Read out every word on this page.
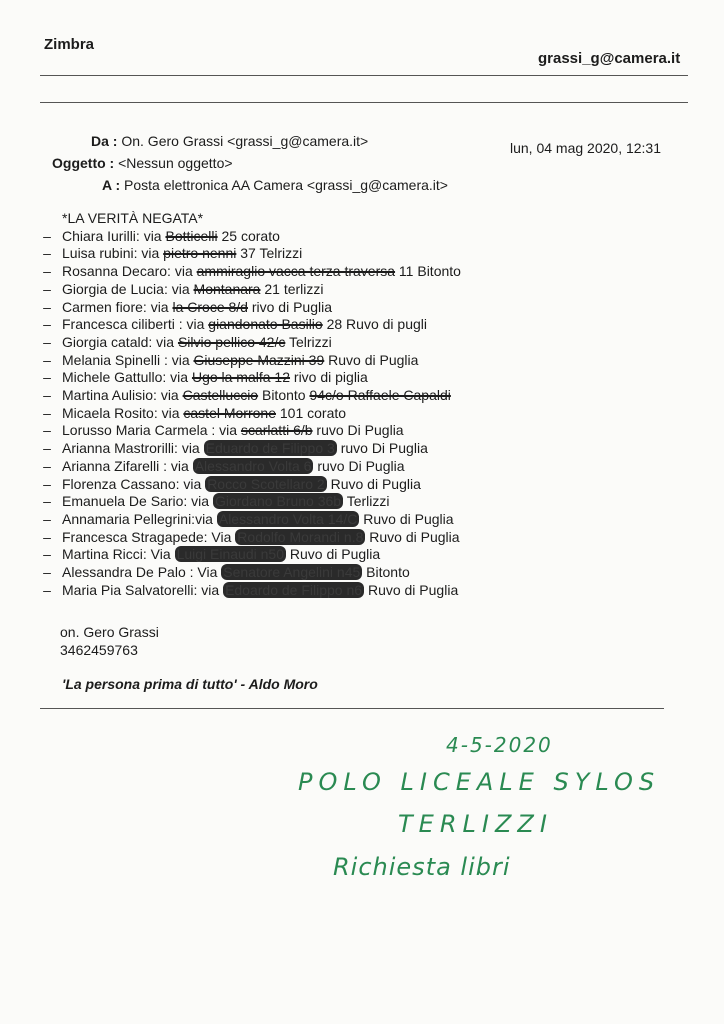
Zimbra
grassi_g@camera.it
Da : On. Gero Grassi <grassi_g@camera.it>
Oggetto : <Nessun oggetto>
A : Posta elettronica AA Camera <grassi_g@camera.it>
lun, 04 mag 2020, 12:31
*LA VERITÀ NEGATA*
– Chiara Iurilli: via Botticelli 25 corato
– Luisa rubini: via pietro nenni 37 Telrizzi
– Rosanna Decaro: via ammiraglio vacca terza traversa 11 Bitonto
– Giorgia de Lucia: via Montanara 21 terlizzi
– Carmen fiore: via la Croce 8/d rivo di Puglia
– Francesca ciliberti : via giandonato Basilio 28 Ruvo di pugli
– Giorgia catald: via Silvio pellico 42/c Telrizzi
– Melania Spinelli : via Giuseppe Mazzini 39 Ruvo di Puglia
– Michele Gattullo: via Ugo la malfa 12 rivo di piglia
– Martina Aulisio: via Castelluccio Bitonto 94c/o Raffaele Capaldi
– Micaela Rosito: via castel Morrone 101 corato
– Lorusso Maria Carmela : via scarlatti 6/b ruvo Di Puglia
– Arianna Mastrorilli: via Eduardo de Filippo 3 ruvo Di Puglia
– Arianna Zifarelli : via Alessandro Volta 6 ruvo Di Puglia
– Florenza Cassano: via Rocco Scotellaro 2 Ruvo di Puglia
– Emanuela De Sario: via Giordano Bruno 36b Terlizzi
– Annamaria Pellegrini:via Alessandro Volta 14/C Ruvo di Puglia
– Francesca Stragapede: Via Rodolfo Morandi n.8 Ruvo di Puglia
– Martina Ricci: Via Luigi Einaudi n50 Ruvo di Puglia
– Alessandra De Palo : Via Senatore Angelini n45 Bitonto
– Maria Pia Salvatorelli: via Edoardo de Filippo n6 Ruvo di Puglia
on. Gero Grassi
3462459763
'La persona prima di tutto' - Aldo Moro
4-5-2020
POLO LICEALE SYLOS
TERLIZZI
Richiesta libri
